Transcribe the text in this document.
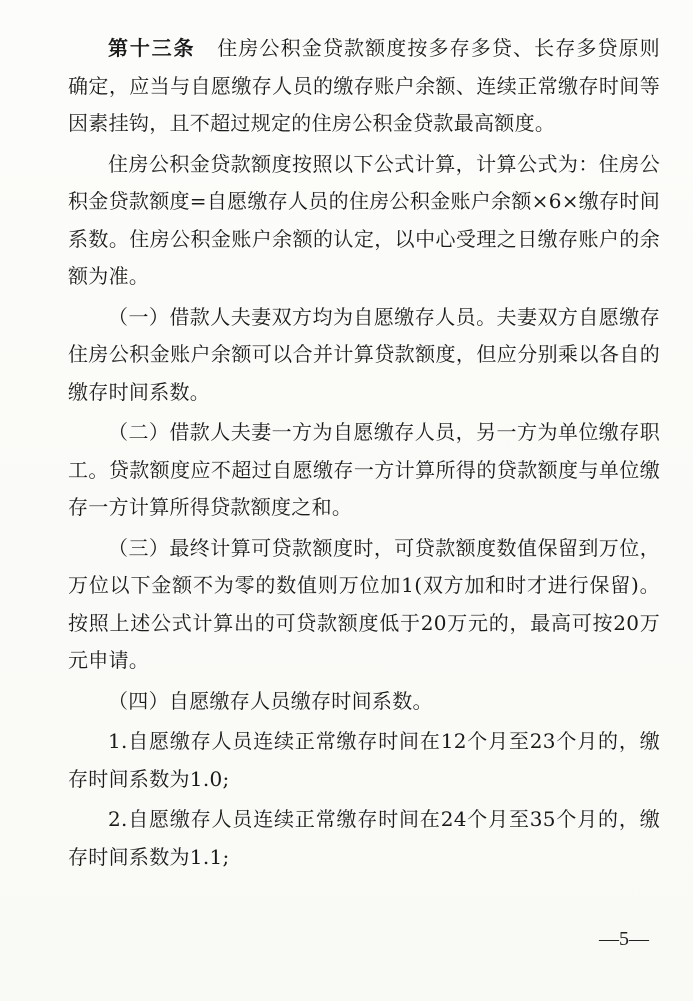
第十三条 住房公积金贷款额度按多存多贷、长存多贷原则确定，应当与自愿缴存人员的缴存账户余额、连续正常缴存时间等因素挂钩，且不超过规定的住房公积金贷款最高额度。

住房公积金贷款额度按照以下公式计算，计算公式为：住房公积金贷款额度=自愿缴存人员的住房公积金账户余额×6×缴存时间系数。住房公积金账户余额的认定，以中心受理之日缴存账户的余额为准。

（一）借款人夫妻双方均为自愿缴存人员。夫妻双方自愿缴存住房公积金账户余额可以合并计算贷款额度，但应分别乘以各自的缴存时间系数。

（二）借款人夫妻一方为自愿缴存人员，另一方为单位缴存职工。贷款额度应不超过自愿缴存一方计算所得的贷款额度与单位缴存一方计算所得贷款额度之和。

（三）最终计算可贷款额度时，可贷款额度数值保留到万位，万位以下金额不为零的数值则万位加1(双方加和时才进行保留)。按照上述公式计算出的可贷款额度低于20万元的，最高可按20万元申请。

（四）自愿缴存人员缴存时间系数。

1.自愿缴存人员连续正常缴存时间在12个月至23个月的，缴存时间系数为1.0;

2.自愿缴存人员连续正常缴存时间在24个月至35个月的，缴存时间系数为1.1;

—5—
